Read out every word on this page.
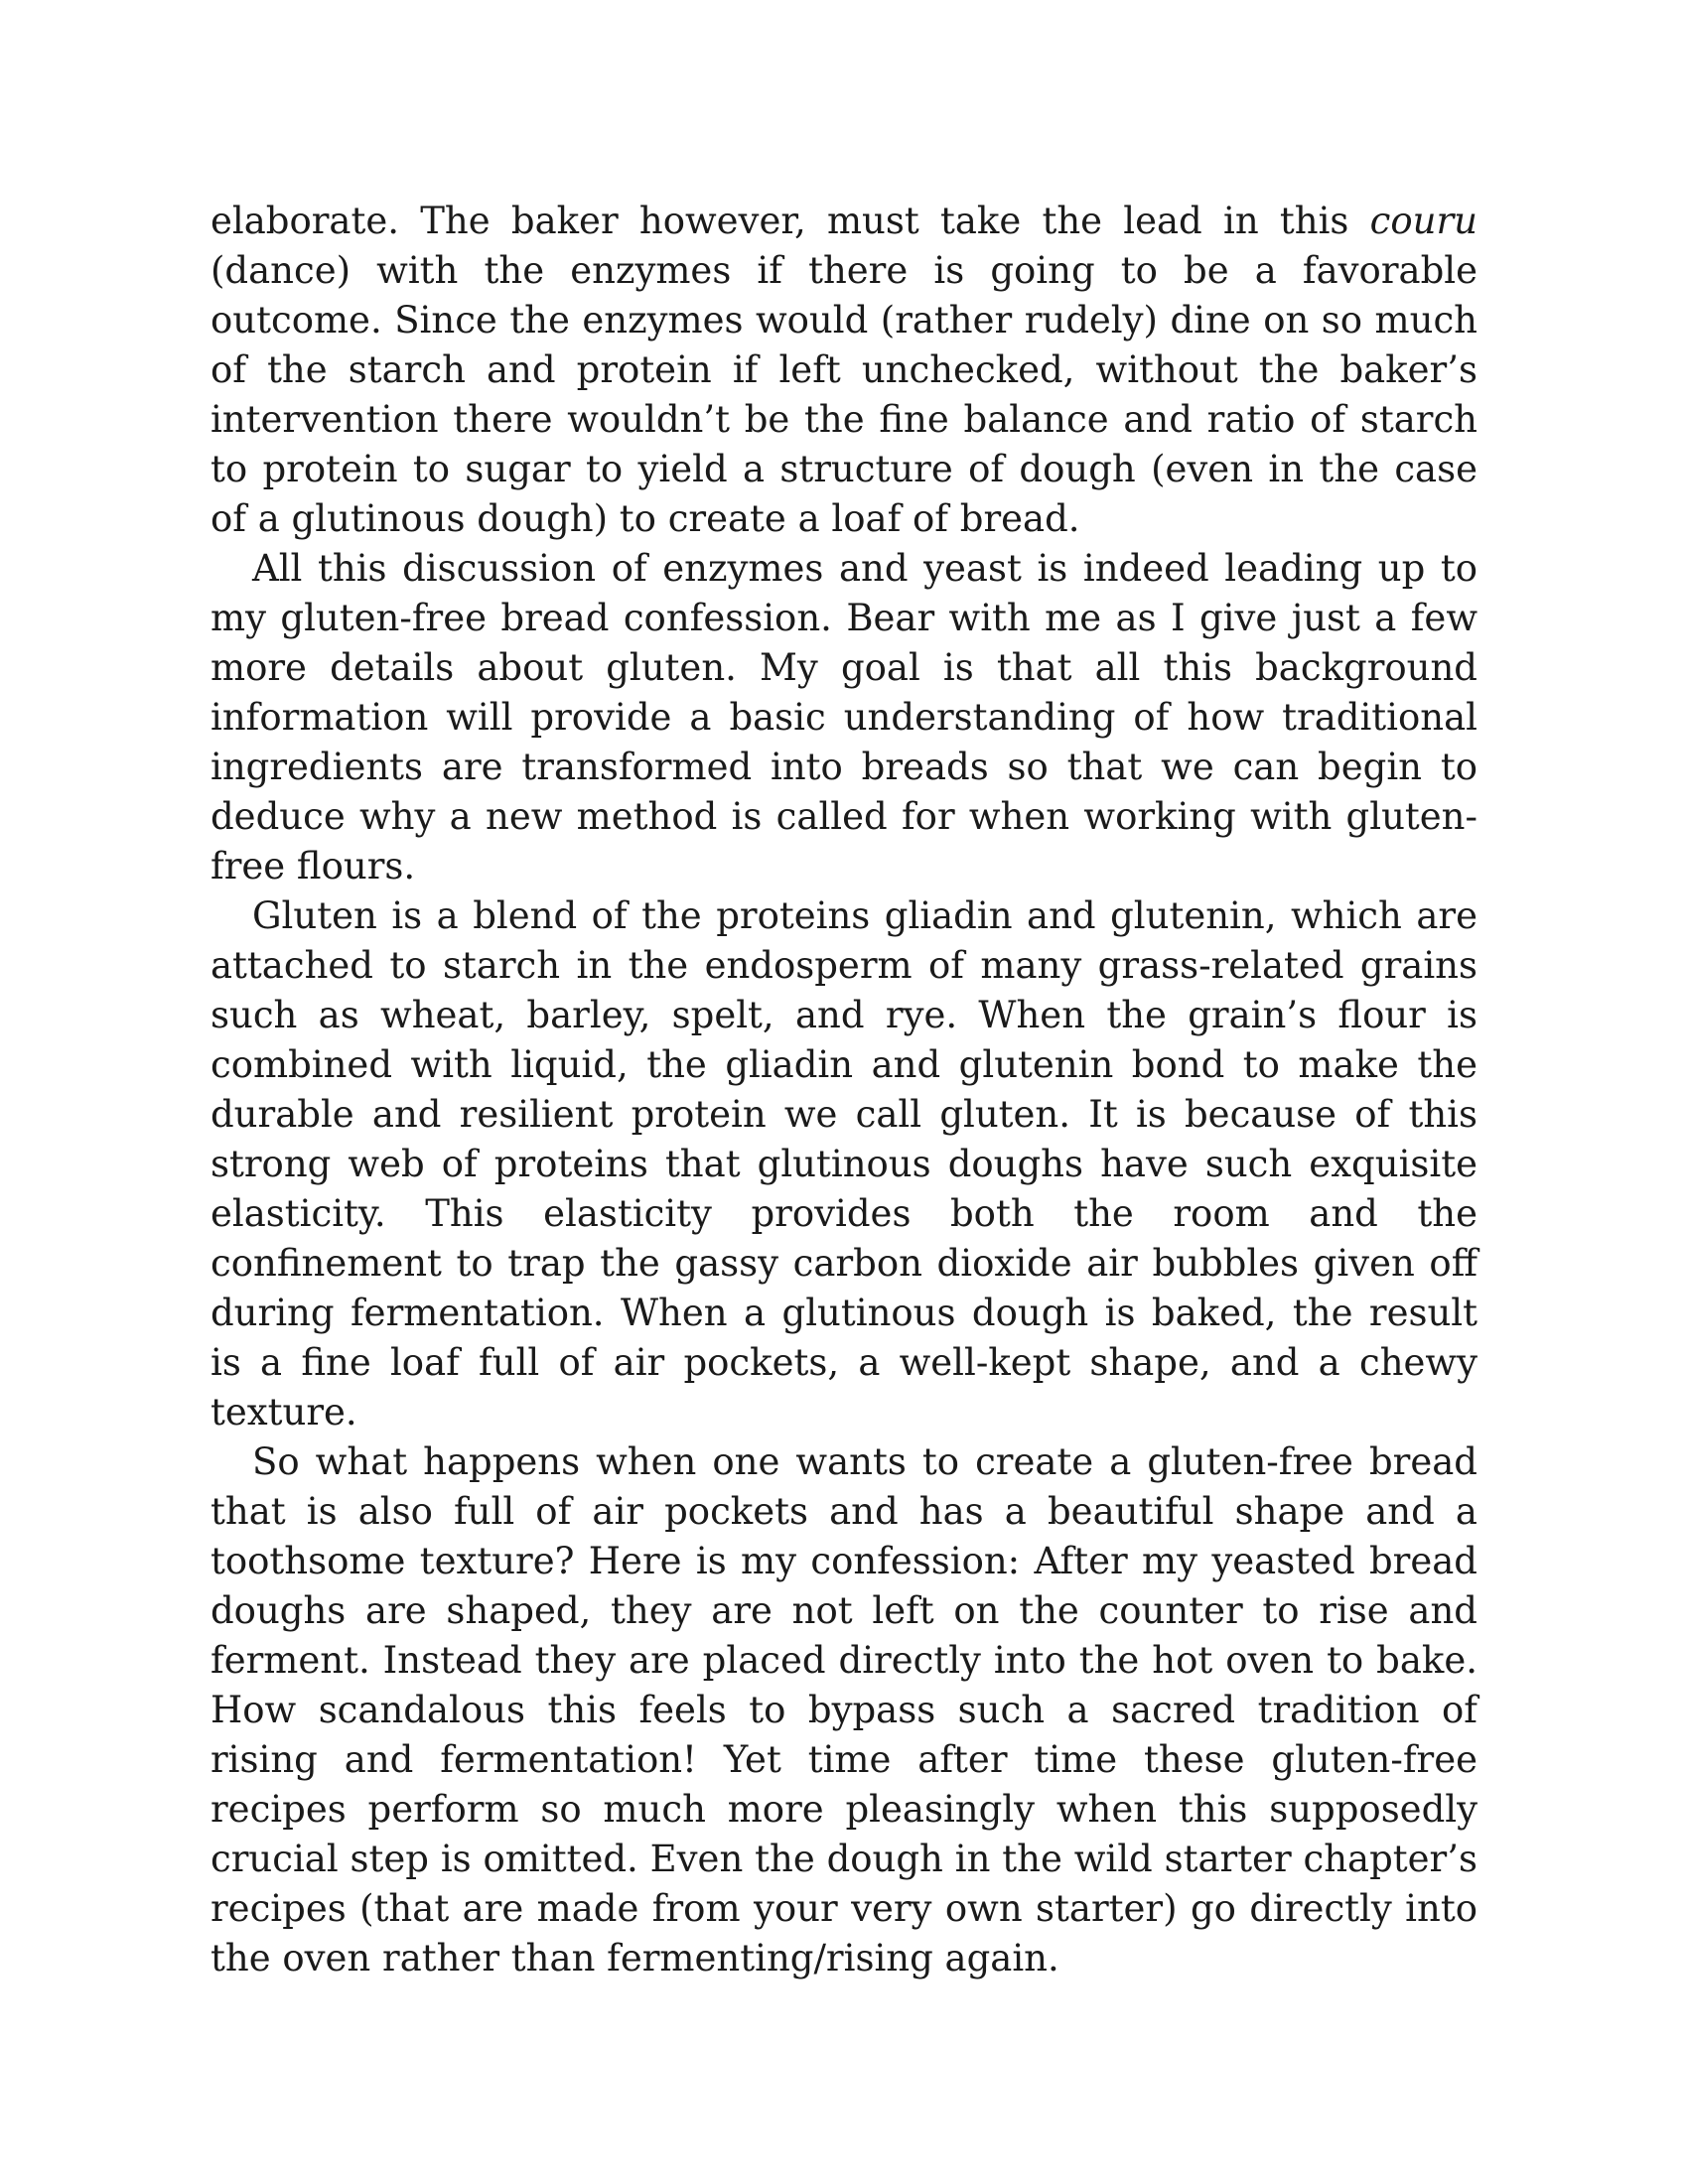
elaborate. The baker however, must take the lead in this couru (dance) with the enzymes if there is going to be a favorable outcome. Since the enzymes would (rather rudely) dine on so much of the starch and protein if left unchecked, without the baker’s intervention there wouldn’t be the fine balance and ratio of starch to protein to sugar to yield a structure of dough (even in the case of a glutinous dough) to create a loaf of bread.

All this discussion of enzymes and yeast is indeed leading up to my gluten-free bread confession. Bear with me as I give just a few more details about gluten. My goal is that all this background information will provide a basic understanding of how traditional ingredients are transformed into breads so that we can begin to deduce why a new method is called for when working with gluten-free flours.

Gluten is a blend of the proteins gliadin and glutenin, which are attached to starch in the endosperm of many grass-related grains such as wheat, barley, spelt, and rye. When the grain’s flour is combined with liquid, the gliadin and glutenin bond to make the durable and resilient protein we call gluten. It is because of this strong web of proteins that glutinous doughs have such exquisite elasticity. This elasticity provides both the room and the confinement to trap the gassy carbon dioxide air bubbles given off during fermentation. When a glutinous dough is baked, the result is a fine loaf full of air pockets, a well-kept shape, and a chewy texture.

So what happens when one wants to create a gluten-free bread that is also full of air pockets and has a beautiful shape and a toothsome texture? Here is my confession: After my yeasted bread doughs are shaped, they are not left on the counter to rise and ferment. Instead they are placed directly into the hot oven to bake. How scandalous this feels to bypass such a sacred tradition of rising and fermentation! Yet time after time these gluten-free recipes perform so much more pleasingly when this supposedly crucial step is omitted. Even the dough in the wild starter chapter’s recipes (that are made from your very own starter) go directly into the oven rather than fermenting/rising again.
